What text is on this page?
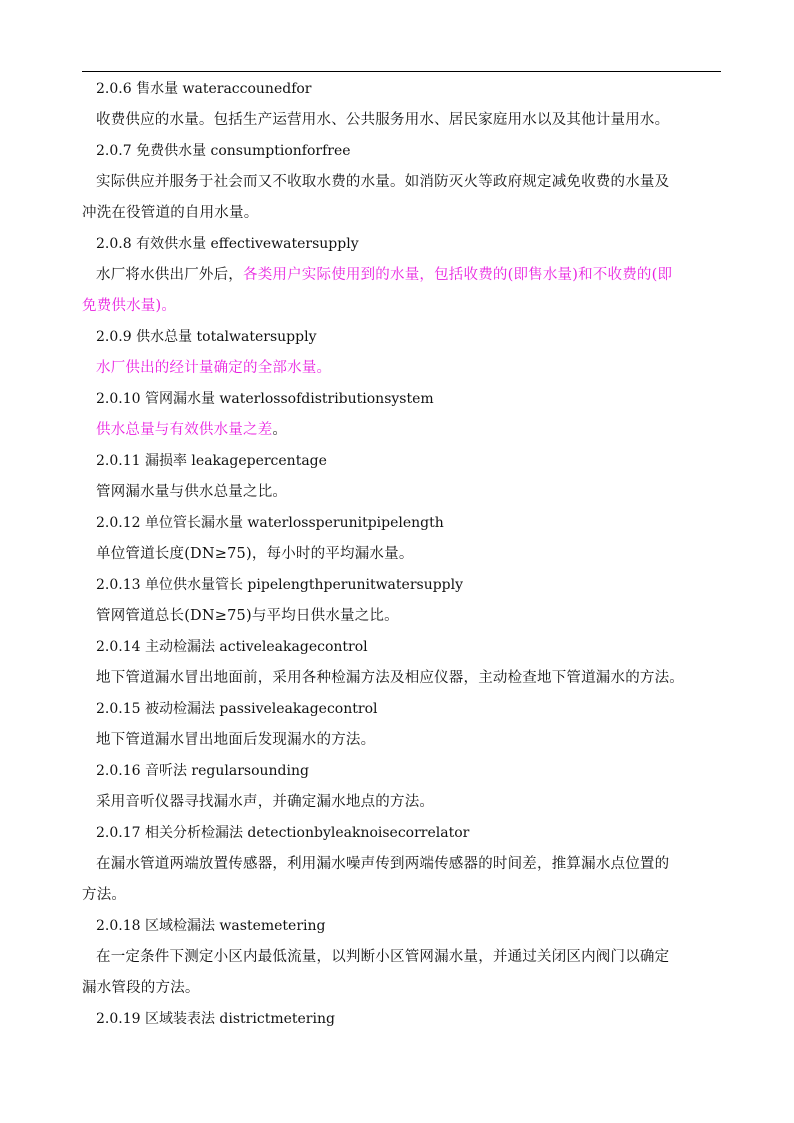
2.0.6 售水量 wateraccounedfor
收费供应的水量。包括生产运营用水、公共服务用水、居民家庭用水以及其他计量用水。
2.0.7 免费供水量 consumptionforfree
实际供应并服务于社会而又不收取水费的水量。如消防灭火等政府规定减免收费的水量及
冲洗在役管道的自用水量。
2.0.8 有效供水量 effectivewatersupply
水厂将水供出厂外后，各类用户实际使用到的水量，包括收费的(即售水量)和不收费的(即
免费供水量)。
2.0.9 供水总量 totalwatersupply
水厂供出的经计量确定的全部水量。
2.0.10 管网漏水量 waterlossofdistributionsystem
供水总量与有效供水量之差。
2.0.11 漏损率 leakagepercentage
管网漏水量与供水总量之比。
2.0.12 单位管长漏水量 waterlossperunitpipelength
单位管道长度(DN≥75)，每小时的平均漏水量。
2.0.13 单位供水量管长 pipelengthperunitwatersupply
管网管道总长(DN≥75)与平均日供水量之比。
2.0.14 主动检漏法 activeleakagecontrol
地下管道漏水冒出地面前，采用各种检漏方法及相应仪器，主动检查地下管道漏水的方法。
2.0.15 被动检漏法 passiveleakagecontrol
地下管道漏水冒出地面后发现漏水的方法。
2.0.16 音听法 regularsounding
采用音听仪器寻找漏水声，并确定漏水地点的方法。
2.0.17 相关分析检漏法 detectionbyleaknoisecorrelator
在漏水管道两端放置传感器，利用漏水噪声传到两端传感器的时间差，推算漏水点位置的
方法。
2.0.18 区域检漏法 wastemetering
在一定条件下测定小区内最低流量，以判断小区管网漏水量，并通过关闭区内阀门以确定
漏水管段的方法。
2.0.19 区域装表法 districtmetering
